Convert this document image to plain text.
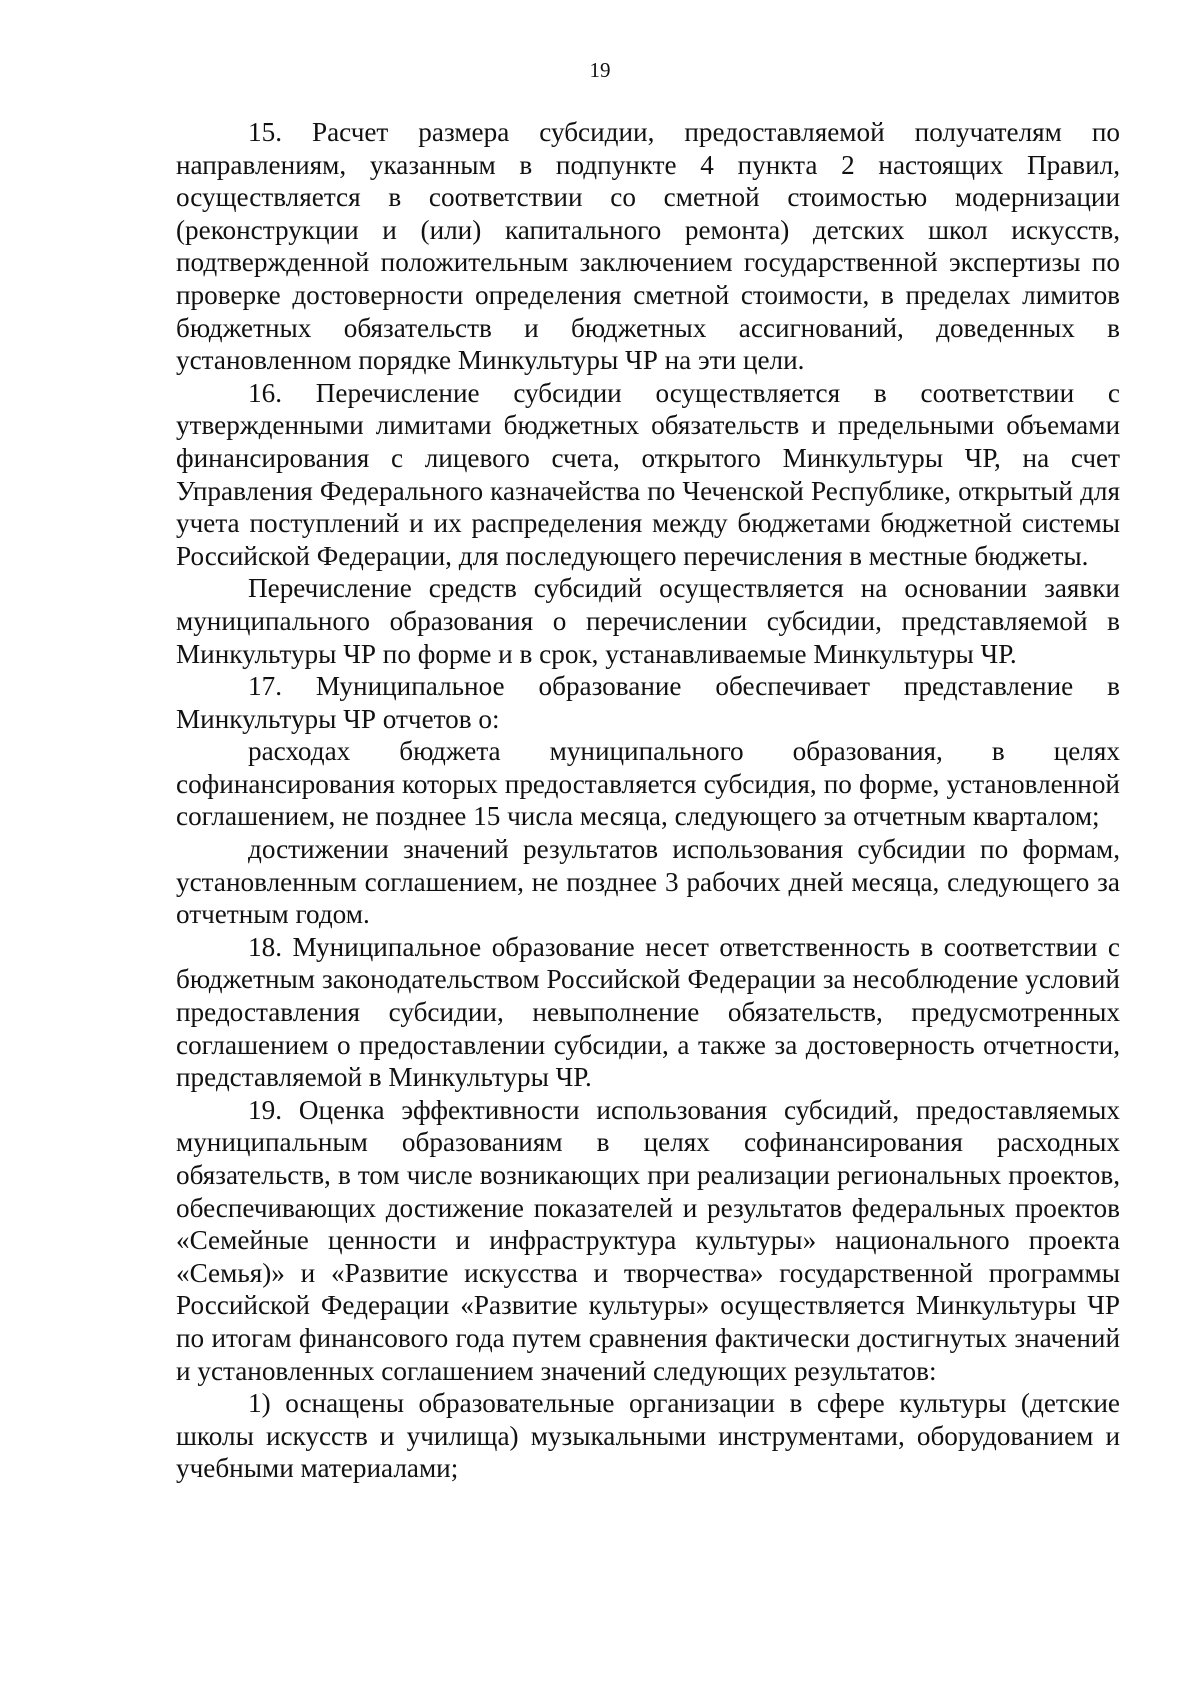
19

15. Расчет размера субсидии, предоставляемой получателям по направлениям, указанным в подпункте 4 пункта 2 настоящих Правил, осуществляется в соответствии со сметной стоимостью модернизации (реконструкции и (или) капитального ремонта) детских школ искусств, подтвержденной положительным заключением государственной экспертизы по проверке достоверности определения сметной стоимости, в пределах лимитов бюджетных обязательств и бюджетных ассигнований, доведенных в установленном порядке Минкультуры ЧР на эти цели.

16. Перечисление субсидии осуществляется в соответствии с утвержденными лимитами бюджетных обязательств и предельными объемами финансирования с лицевого счета, открытого Минкультуры ЧР, на счет Управления Федерального казначейства по Чеченской Республике, открытый для учета поступлений и их распределения между бюджетами бюджетной системы Российской Федерации, для последующего перечисления в местные бюджеты.

Перечисление средств субсидий осуществляется на основании заявки муниципального образования о перечислении субсидии, представляемой в Минкультуры ЧР по форме и в срок, устанавливаемые Минкультуры ЧР.

17. Муниципальное образование обеспечивает представление в Минкультуры ЧР отчетов о:

расходах бюджета муниципального образования, в целях софинансирования которых предоставляется субсидия, по форме, установленной соглашением, не позднее 15 числа месяца, следующего за отчетным кварталом;

достижении значений результатов использования субсидии по формам, установленным соглашением, не позднее 3 рабочих дней месяца, следующего за отчетным годом.

18. Муниципальное образование несет ответственность в соответствии с бюджетным законодательством Российской Федерации за несоблюдение условий предоставления субсидии, невыполнение обязательств, предусмотренных соглашением о предоставлении субсидии, а также за достоверность отчетности, представляемой в Минкультуры ЧР.

19. Оценка эффективности использования субсидий, предоставляемых муниципальным образованиям в целях софинансирования расходных обязательств, в том числе возникающих при реализации региональных проектов, обеспечивающих достижение показателей и результатов федеральных проектов «Семейные ценности и инфраструктура культуры» национального проекта «Семья)» и «Развитие искусства и творчества» государственной программы Российской Федерации «Развитие культуры» осуществляется Минкультуры ЧР по итогам финансового года путем сравнения фактически достигнутых значений и установленных соглашением значений следующих результатов:

1) оснащены образовательные организации в сфере культуры (детские школы искусств и училища) музыкальными инструментами, оборудованием и учебными материалами;
